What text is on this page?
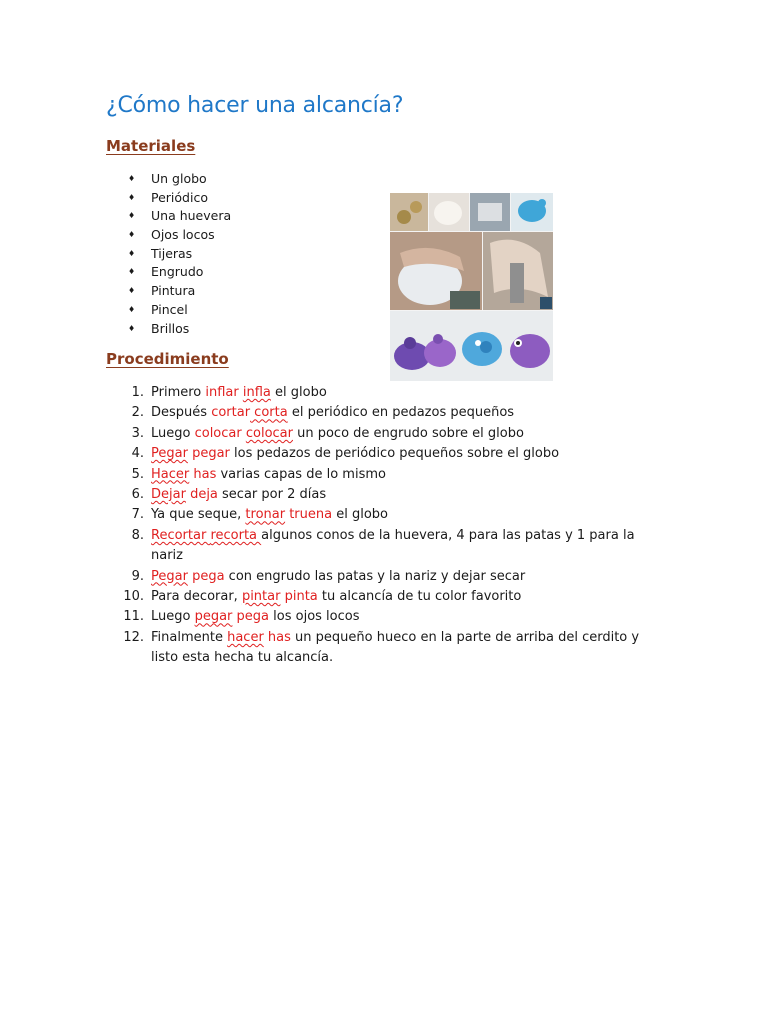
¿Cómo hacer una alcancía?
Materiales
♦ Un globo
♦ Periódico
♦ Una huevera
♦ Ojos locos
♦ Tijeras
♦ Engrudo
♦ Pintura
♦ Pincel
♦ Brillos
Procedimiento
1. Primero inflar infla el globo
2. Después cortar corta el periódico en pedazos pequeños
3. Luego colocar colocar un poco de engrudo sobre el globo
4. Pegar pegar los pedazos de periódico pequeños sobre el globo
5. Hacer has varias capas de lo mismo
6. Dejar deja secar por 2 días
7. Ya que seque, tronar truena el globo
8. Recortar recorta algunos conos de la huevera, 4 para las patas y 1 para la nariz
9. Pegar pega con engrudo las patas y la nariz y dejar secar
10. Para decorar, pintar pinta tu alcancía de tu color favorito
11. Luego pegar pega los ojos locos
12. Finalmente hacer has un pequeño hueco en la parte de arriba del cerdito y listo esta hecha tu alcancía.
